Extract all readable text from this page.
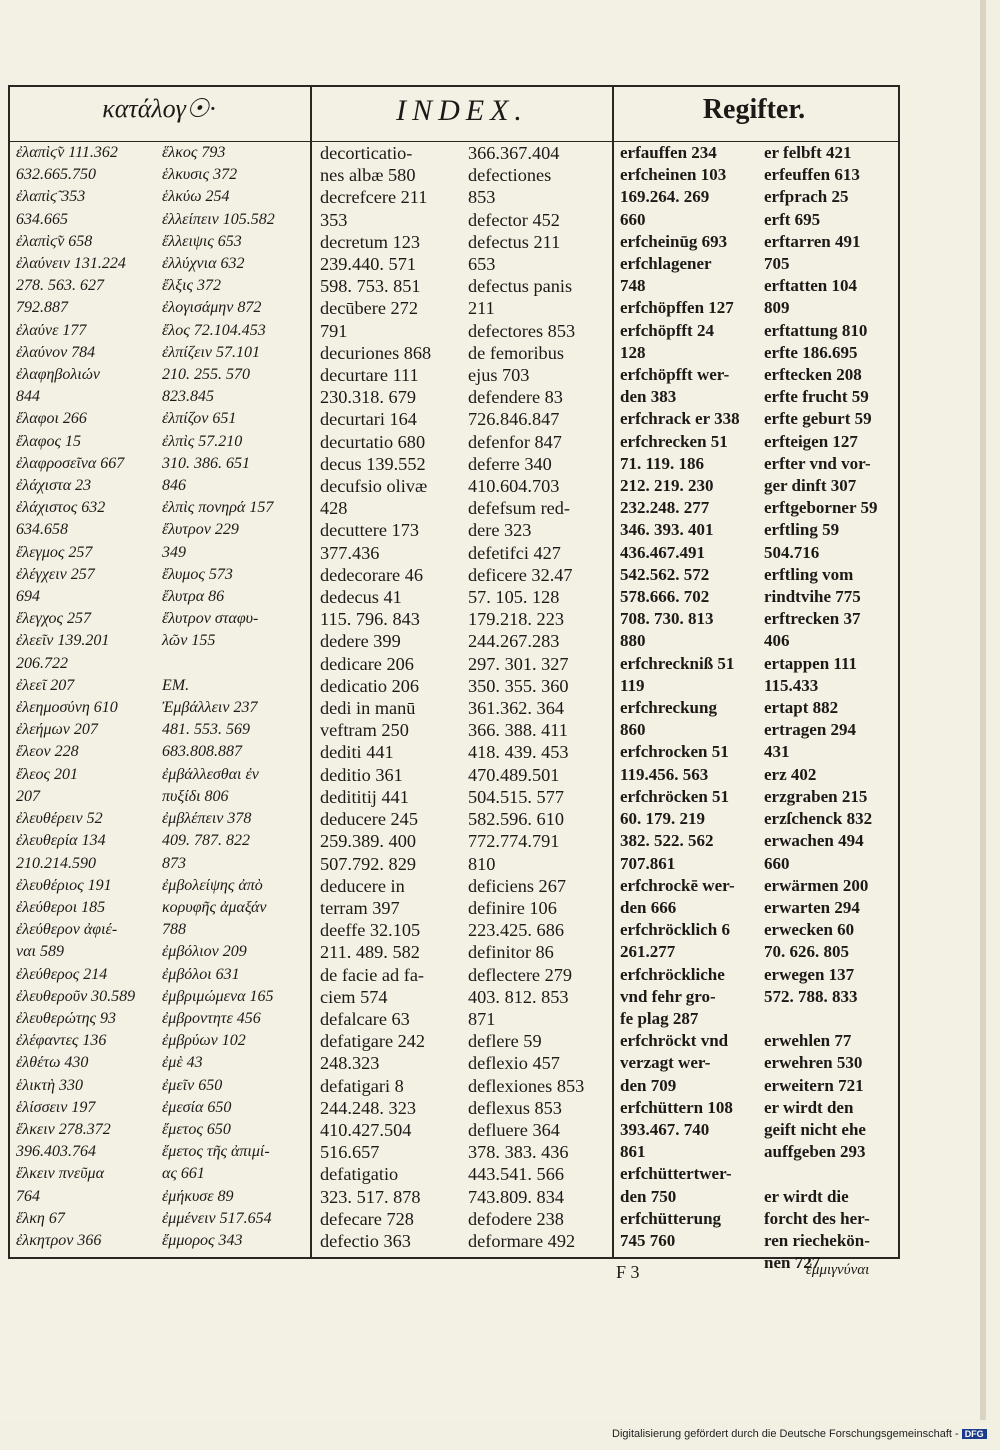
κατάλογ☉·	INDEX.	Regifter.
ἐλαπὶϛ̃ν 111.362
632.665.750
ἐλαπὶϛ̃ 353
634.665
ἐλαπὶϛ̃ν 658
ἐλαύνειν 131.224
278. 563. 627
792.887
ἐλαύνε 177
ἐλαύνον 784
ἐλαφηβολιών
844
ἔλαφοι 266
ἔλαφος 15
ἐλαφροσεῖνα 667
ἐλάχιστα 23
ἐλάχιστος 632
634.658
ἔλεγμος 257
ἐλέγχειν 257
694
ἔλεγχος 257
ἐλεεῖν 139.201
206.722
ἐλεεῖ 207
ἐλεημοσύνη 610
ἐλεήμων 207
ἔλεον 228
ἔλεος 201
207
ἐλευθέρειν 52
ἐλευθερία 134
210.214.590
ἐλευθέριος 191
ἐλεύθεροι 185
ἐλεύθερον ἀφιέ-
ναι 589
ἐλεύθερος 214
ἐλευθεροῦν 30.589
ἐλευθερώτης 93
ἐλέφαντες 136
ἐλθέτω 430
ἑλικτὴ 330
ἑλίσσειν 197
ἕλκειν 278.372
396.403.764
ἕλκειν πνεῦμα
764
ἕλκη 67
ἐλκητρον 366
ἕλκος 793
ἑλκυσις 372
ἑλκύω 254
ἐλλείπειν 105.582
ἔλλειψις 653
ἐλλύχνια 632
ἔλξις 372
ἐλογισάμην 872
ἔλος 72.104.453
ἐλπίζειν 57.101
210. 255. 570
823.845
ἐλπίζον 651
ἐλπὶς 57.210
310. 386. 651
846
ἐλπὶς πονηρά 157
ἔλυτρον 229
349
ἔλυμος 573
ἔλυτρα 86
ἔλυτρον σταφυ-
λῶν 155

EM.
Ἐμβάλλειν 237
481. 553. 569
683.808.887
ἐμβάλλεσθαι ἐν
πυξίδι 806
ἐμβλέπειν 378
409. 787. 822
873
ἐμβολείψης ἀπὸ
κορυφῆς ἀμαξάν
788
ἐμβόλιον 209
ἐμβόλοι 631
ἐμβριμώμενα 165
ἐμβροντητε 456
ἐμβρύων 102
ἐμὲ 43
ἐμεῖν 650
ἐμεσία 650
ἔμετος 650
ἔμετος τῆς ἀπιμί-
ας 661
ἐμήκυσε 89
ἐμμένειν 517.654
ἔμμορος 343
decorticatio-
nes albæ 580
decrefcere 211
353
decretum 123
239.440. 571
598. 753. 851
decūbere 272
791
decuriones 868
decurtare 111
230.318. 679
decurtari 164
decurtatio 680
decus 139.552
decufsio olivæ
428
decuttere 173
377.436
dedecorare 46
dedecus 41
115. 796. 843
dedere 399
dedicare 206
dedicatio 206
dedi in manū
veftram 250
dediti 441
deditio 361
dedititij 441
deducere 245
259.389. 400
507.792. 829
deducere in
terram 397
deeffe 32.105
211. 489. 582
de facie ad fa-
ciem 574
defalcare 63
defatigare 242
248.323
defatigari 8
244.248. 323
410.427.504
516.657
defatigatio
323. 517. 878
defecare 728
defectio 363
366.367.404
defectiones
853
defector 452
defectus 211
653
defectus panis
211
defectores 853
de femoribus
ejus 703
defendere 83
726.846.847
defenfor 847
deferre 340
410.604.703
defefsum red-
dere 323
defetifci 427
deficere 32.47
57. 105. 128
179.218. 223
244.267.283
297. 301. 327
350. 355. 360
361.362. 364
366. 388. 411
418. 439. 453
470.489.501
504.515. 577
582.596. 610
772.774.791
810
deficiens 267
definire 106
223.425. 686
definitor 86
deflectere 279
403. 812. 853
871
deflere 59
deflexio 457
deflexiones 853
deflexus 853
defluere 364
378. 383. 436
443.541. 566
743.809. 834
defodere 238
deformare 492
erfauffen 234
erfcheinen 103
169.264. 269
660
erfcheinūg 693
erfchlagener
748
erfchöpffen 127
erfchöpfft 24
128
erfchöpfft wer-
den 383
erfchrack er 338
erfchrecken 51
71. 119. 186
212. 219. 230
232.248. 277
346. 393. 401
436.467.491
542.562. 572
578.666. 702
708. 730. 813
880
erfchreckniß 51
119
erfchreckung
860
erfchrocken 51
119.456. 563
erfchröcken 51
60. 179. 219
382. 522. 562
707.861
erfchrockē wer-
den 666
erfchröcklich 6
261.277
erfchröckliche
vnd fehr gro-
fe plag 287
erfchröckt vnd
verzagt wer-
den 709
erfchüttern 108
393.467. 740
861
erfchüttertwer-
den 750
erfchütterung
745 760
er felbft 421
erfeuffen 613
erfprach 25
erft 695
erftarren 491
705
erftatten 104
809
erftattung 810
erfte 186.695
erftecken 208
erfte frucht 59
erfte geburt 59
erfteigen 127
erfter vnd vor-
ger dinft 307
erftgeborner 59
erftling 59
504.716
erftling vom
rindtvihe 775
erftrecken 37
406
ertappen 111
115.433
ertapt 882
ertragen 294
431
erz 402
erzgraben 215
erzſchenck 832
erwachen 494
660
erwärmen 200
erwarten 294
erwecken 60
70. 626. 805
erwegen 137
572. 788. 833

erwehlen 77
erwehren 530
erweitern 721
er wirdt den
geift nicht ehe
auffgeben 293

er wirdt die
forcht des her-
ren riechekön-
nen 727
F 3	ἐμμιγνύναι
Digitalisierung gefördert durch die Deutsche Forschungsgemeinschaft - DFG
